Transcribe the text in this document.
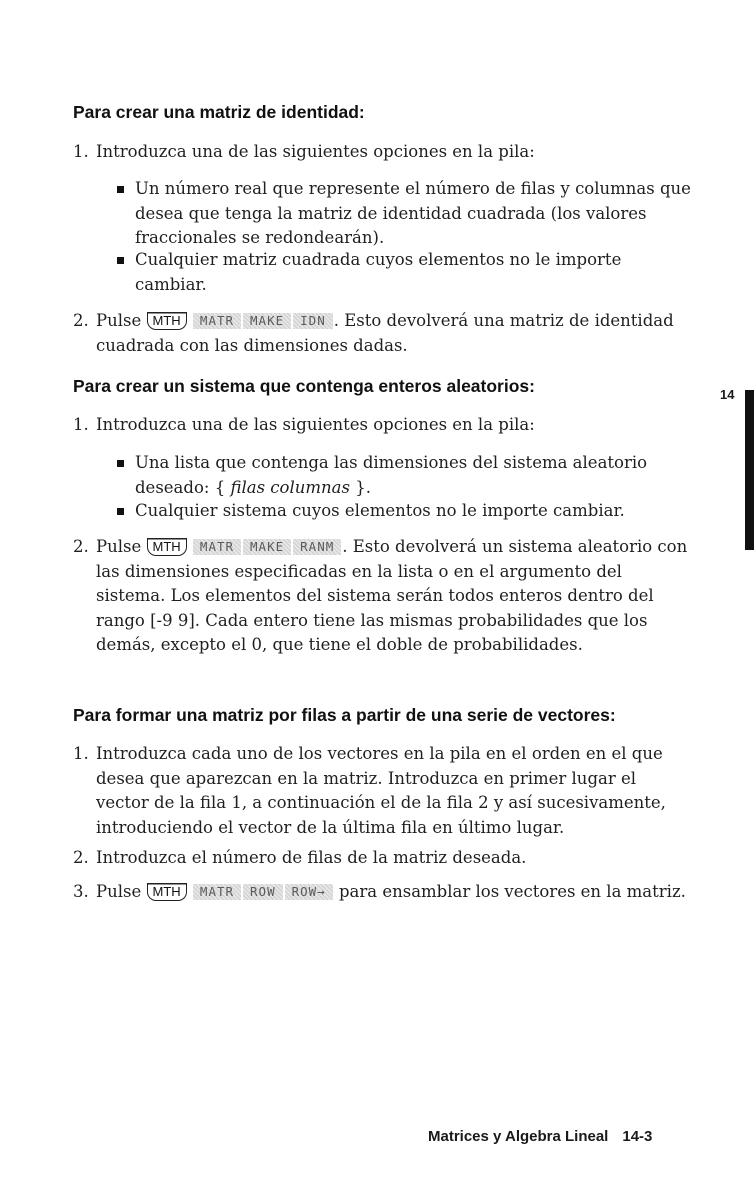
Para crear una matriz de identidad:
1. Introduzca una de las siguientes opciones en la pila:
Un número real que represente el número de filas y columnas que desea que tenga la matriz de identidad cuadrada (los valores fraccionales se redondearán).
Cualquier matriz cuadrada cuyos elementos no le importe cambiar.
2. Pulse MTH MATR MAKE IDN . Esto devolverá una matriz de identidad cuadrada con las dimensiones dadas.
Para crear un sistema que contenga enteros aleatorios:
1. Introduzca una de las siguientes opciones en la pila:
Una lista que contenga las dimensiones del sistema aleatorio deseado: { filas columnas }.
Cualquier sistema cuyos elementos no le importe cambiar.
2. Pulse MTH MATR MAKE RANM . Esto devolverá un sistema aleatorio con las dimensiones especificadas en la lista o en el argumento del sistema. Los elementos del sistema serán todos enteros dentro del rango [-9 9]. Cada entero tiene las mismas probabilidades que los demás, excepto el 0, que tiene el doble de probabilidades.
14
Para formar una matriz por filas a partir de una serie de vectores:
1. Introduzca cada uno de los vectores en la pila en el orden en el que desea que aparezcan en la matriz. Introduzca en primer lugar el vector de la fila 1, a continuación el de la fila 2 y así sucesivamente, introduciendo el vector de la última fila en último lugar.
2. Introduzca el número de filas de la matriz deseada.
3. Pulse MTH MATR ROW ROW→ para ensamblar los vectores en la matriz.
Matrices y Algebra Lineal 14-3
